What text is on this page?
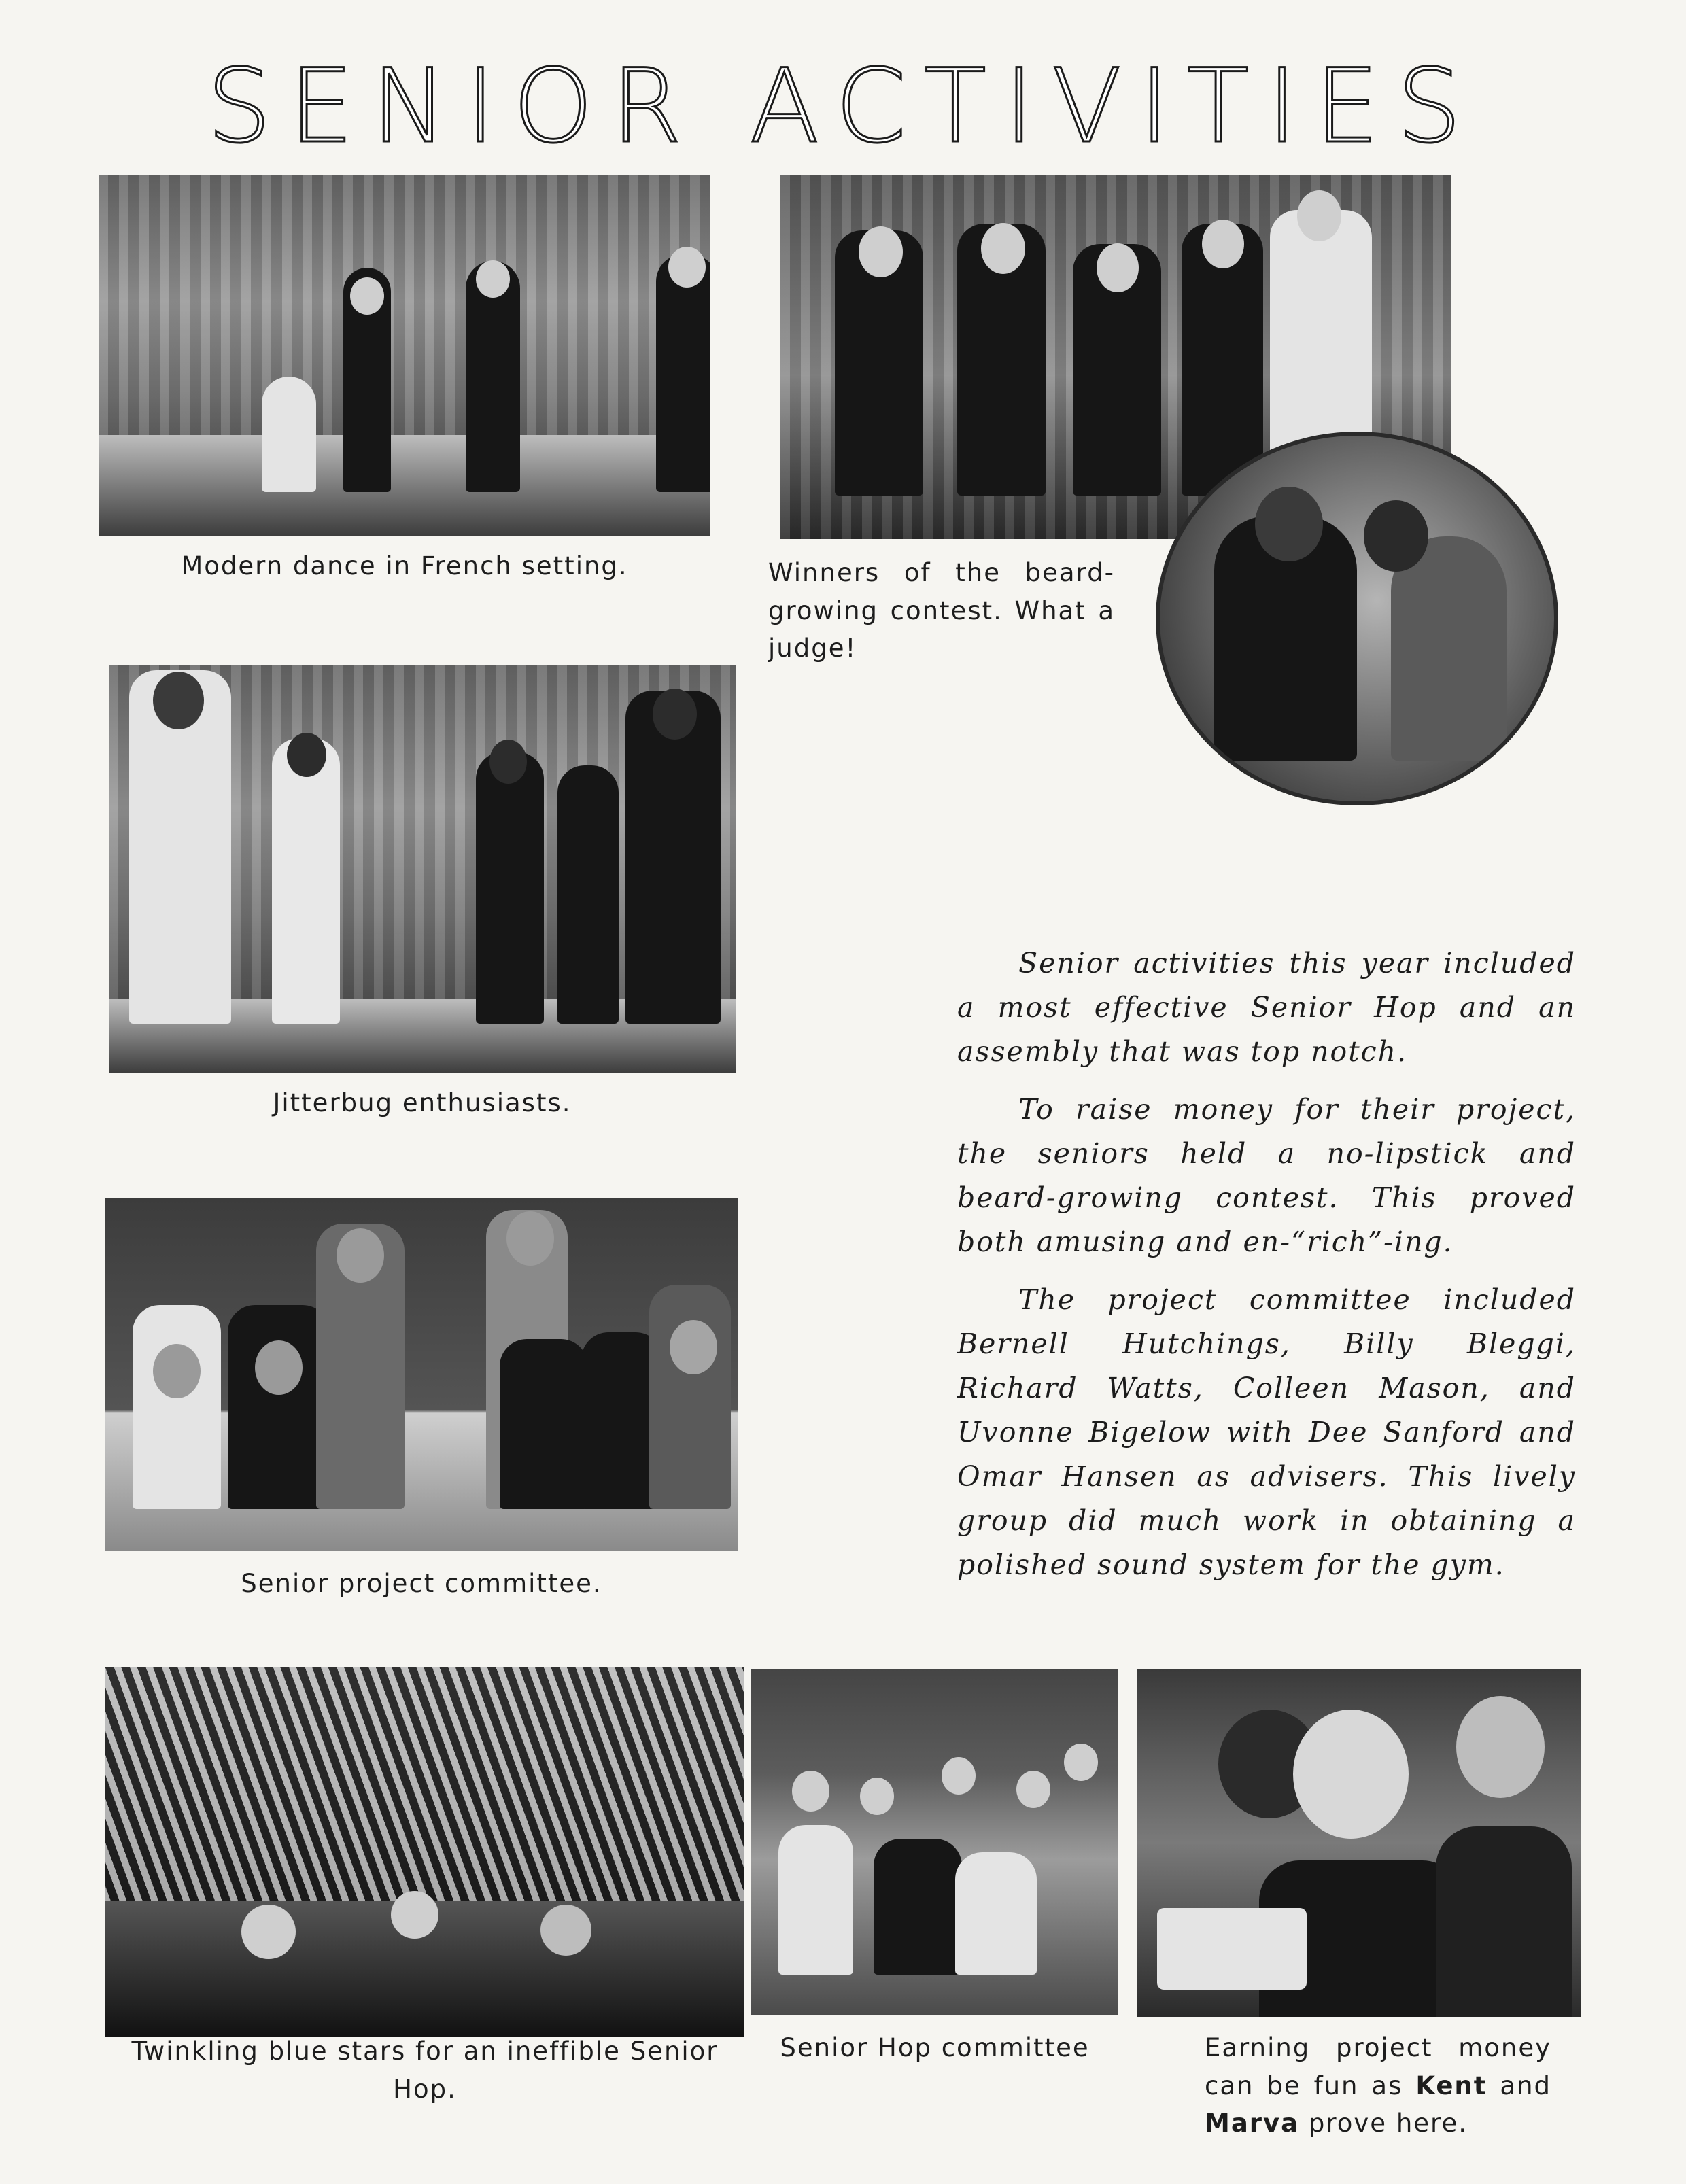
SENIOR ACTIVITIES
Modern dance in French setting.	Winners of the beard-growing contest. What a judge!
Jitterbug enthusiasts.
Senior project committee.

Senior activities this year included a most effective Senior Hop and an assembly that was top notch.

To raise money for their project, the seniors held a no-lipstick and beard-growing contest. This proved both amusing and en-“rich”-ing.

The project committee included Bernell Hutchings, Billy Bleggi, Richard Watts, Colleen Mason, and Uvonne Bigelow with Dee Sanford and Omar Hansen as advisers. This lively group did much work in obtaining a polished sound system for the gym.

Twinkling blue stars for an ineffible Senior Hop.
Senior Hop committee	Earning project money can be fun as Kent and Marva prove here.
